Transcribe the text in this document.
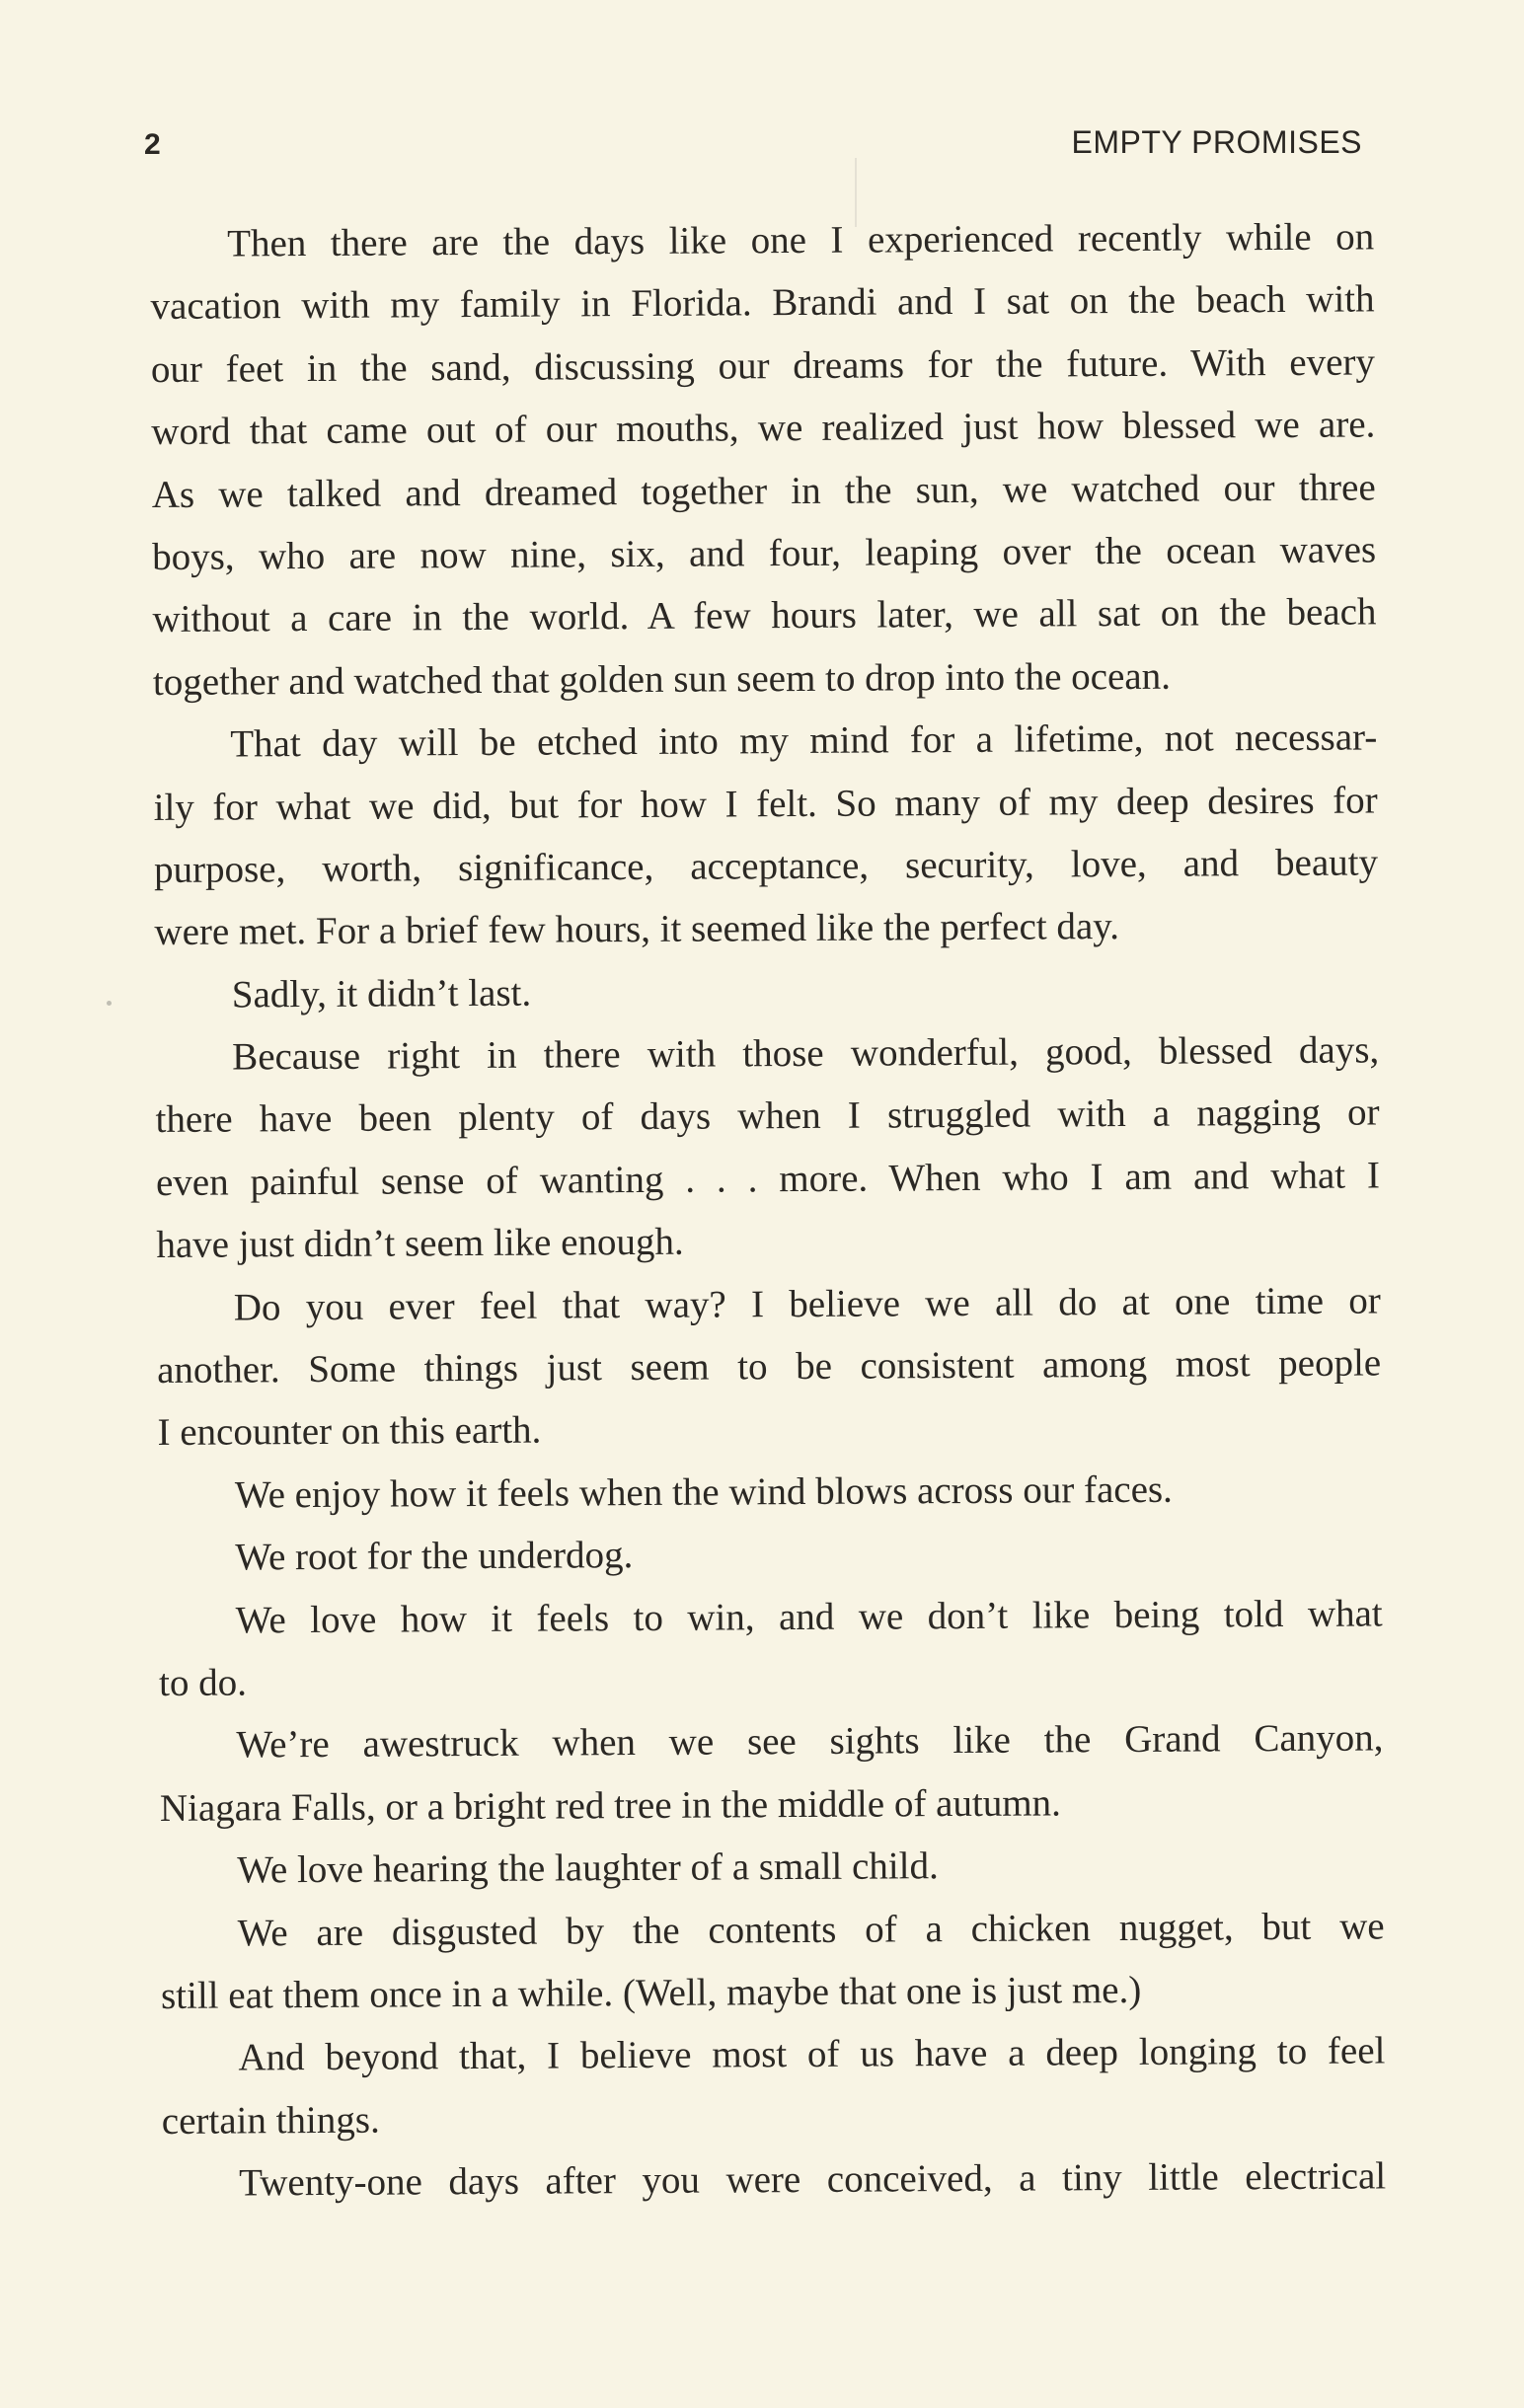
2	EMPTY PROMISES
Then there are the days like one I experienced recently while on
vacation with my family in Florida. Brandi and I sat on the beach with
our feet in the sand, discussing our dreams for the future. With every
word that came out of our mouths, we realized just how blessed we are.
As we talked and dreamed together in the sun, we watched our three
boys, who are now nine, six, and four, leaping over the ocean waves
without a care in the world. A few hours later, we all sat on the beach
together and watched that golden sun seem to drop into the ocean.
That day will be etched into my mind for a lifetime, not necessar-
ily for what we did, but for how I felt. So many of my deep desires for
purpose, worth, significance, acceptance, security, love, and beauty
were met. For a brief few hours, it seemed like the perfect day.
Sadly, it didn’t last.
Because right in there with those wonderful, good, blessed days,
there have been plenty of days when I struggled with a nagging or
even painful sense of wanting . . . more. When who I am and what I
have just didn’t seem like enough.
Do you ever feel that way? I believe we all do at one time or
another. Some things just seem to be consistent among most people
I encounter on this earth.
We enjoy how it feels when the wind blows across our faces.
We root for the underdog.
We love how it feels to win, and we don’t like being told what
to do.
We’re awestruck when we see sights like the Grand Canyon,
Niagara Falls, or a bright red tree in the middle of autumn.
We love hearing the laughter of a small child.
We are disgusted by the contents of a chicken nugget, but we
still eat them once in a while. (Well, maybe that one is just me.)
And beyond that, I believe most of us have a deep longing to feel
certain things.
Twenty-one days after you were conceived, a tiny little electrical
